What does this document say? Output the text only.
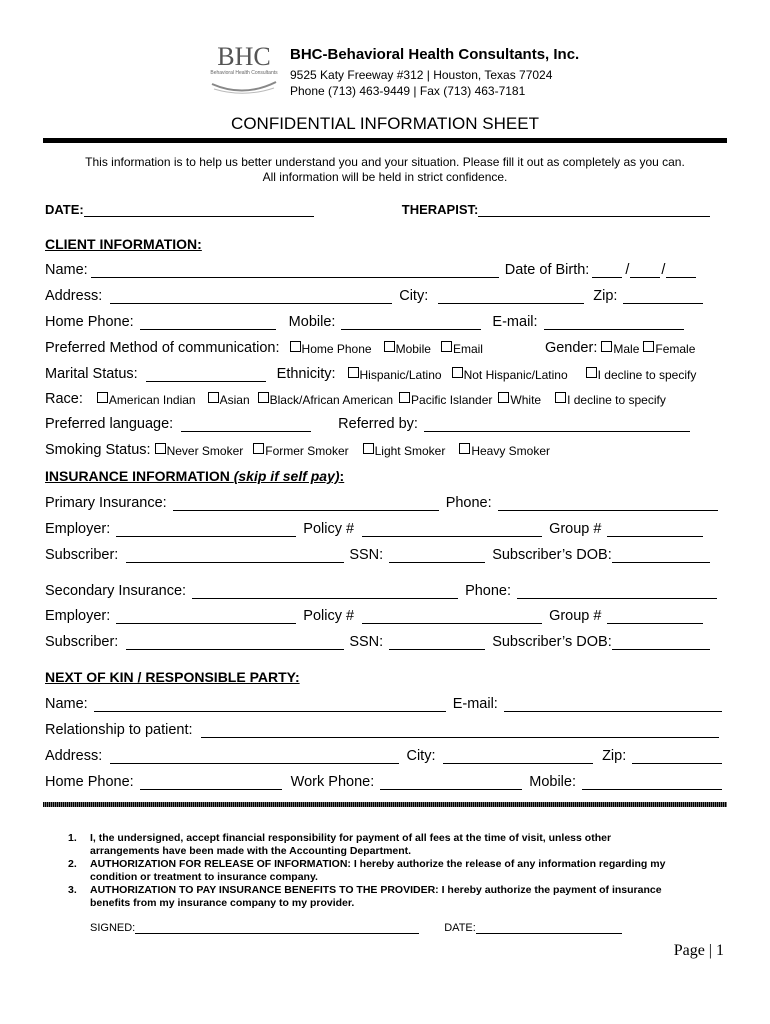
BHC
Behavioral Health Consultants
BHC-Behavioral Health Consultants, Inc.
9525 Katy Freeway #312 | Houston, Texas 77024
Phone (713) 463-9449 | Fax (713) 463-7181
CONFIDENTIAL INFORMATION SHEET
This information is to help us better understand you and your situation. Please fill it out as completely as you can.
All information will be held in strict confidence.
DATE:	THERAPIST:
CLIENT INFORMATION:
Name:	Date of Birth: / /
Address:	City:	Zip:
Home Phone:	Mobile:	E-mail:
Preferred Method of communication:	Home Phone	Mobile	Email	Gender:	Male	Female
Marital Status:	Ethnicity:	Hispanic/Latino	Not Hispanic/Latino	I decline to specify
Race:	American Indian	Asian	Black/African American	Pacific Islander	White	I decline to specify
Preferred language:	Referred by:
Smoking Status:	Never Smoker	Former Smoker	Light Smoker	Heavy Smoker
INSURANCE INFORMATION (skip if self pay):
Primary Insurance:	Phone:
Employer:	Policy #	Group #
Subscriber:	SSN:	Subscriber’s DOB:
Secondary Insurance:	Phone:
Employer:	Policy #	Group #
Subscriber:	SSN:	Subscriber’s DOB:
NEXT OF KIN / RESPONSIBLE PARTY:
Name:	E-mail:
Relationship to patient:
Address:	City:	Zip:
Home Phone:	Work Phone:	Mobile:
1.	I, the undersigned, accept financial responsibility for payment of all fees at the time of visit, unless other
arrangements have been made with the Accounting Department.
2.	AUTHORIZATION FOR RELEASE OF INFORMATION: I hereby authorize the release of any information regarding my
condition or treatment to insurance company.
3.	AUTHORIZATION TO PAY INSURANCE BENEFITS TO THE PROVIDER: I hereby authorize the payment of insurance
benefits from my insurance company to my provider.
SIGNED:	DATE:
Page | 1
